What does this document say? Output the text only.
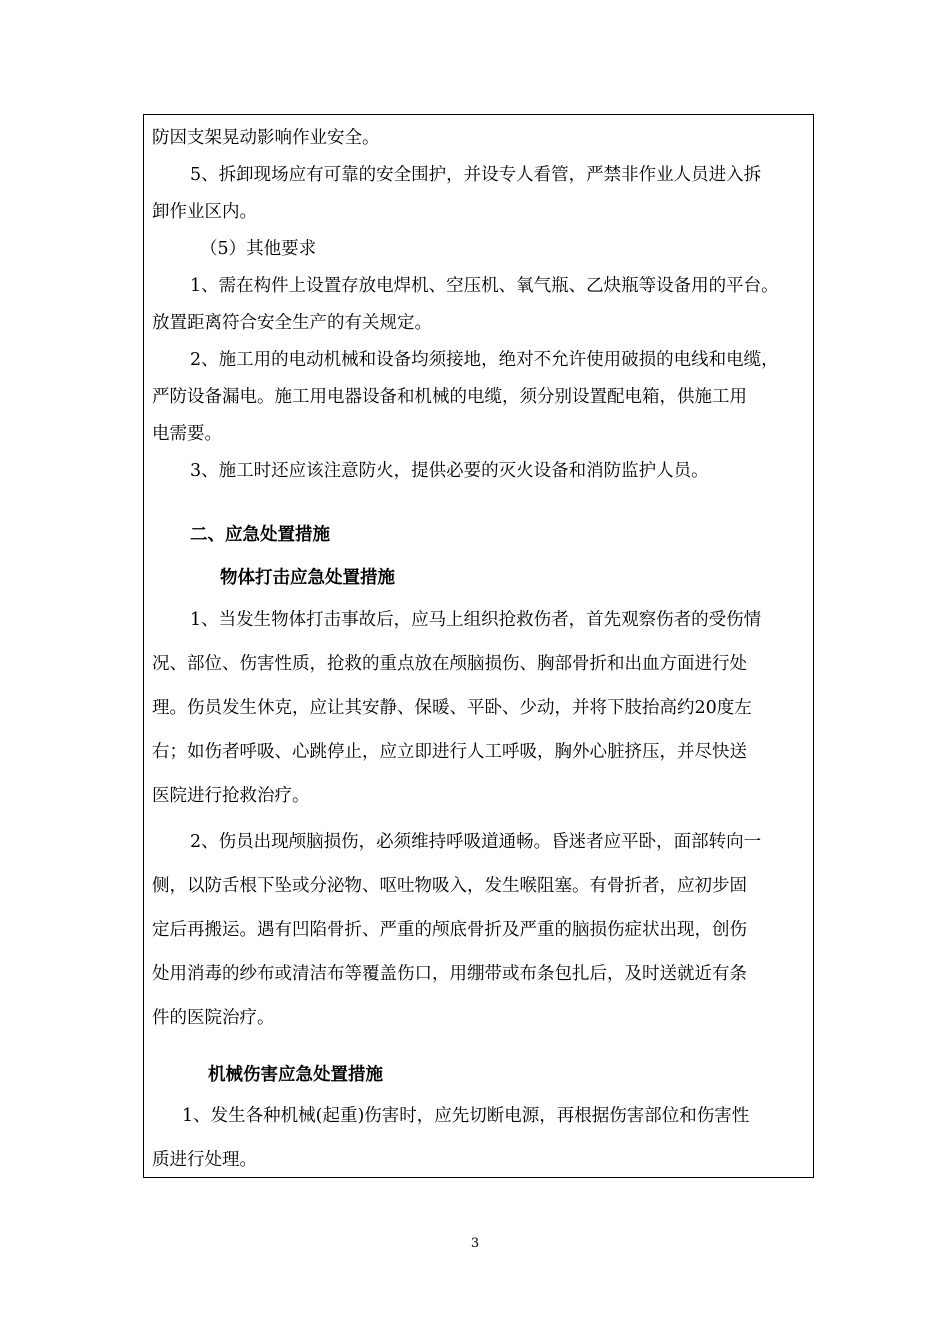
防因支架晃动影响作业安全。

5、拆卸现场应有可靠的安全围护，并设专人看管，严禁非作业人员进入拆

卸作业区内。

（5）其他要求

1、需在构件上设置存放电焊机、空压机、氧气瓶、乙炔瓶等设备用的平台。

放置距离符合安全生产的有关规定。

2、施工用的电动机械和设备均须接地，绝对不允许使用破损的电线和电缆，

严防设备漏电。施工用电器设备和机械的电缆，须分别设置配电箱，供施工用

电需要。

3、施工时还应该注意防火，提供必要的灭火设备和消防监护人员。

二、应急处置措施

物体打击应急处置措施

1、当发生物体打击事故后，应马上组织抢救伤者，首先观察伤者的受伤情

况、部位、伤害性质，抢救的重点放在颅脑损伤、胸部骨折和出血方面进行处

理。伤员发生休克，应让其安静、保暖、平卧、少动，并将下肢抬高约20度左

右；如伤者呼吸、心跳停止，应立即进行人工呼吸，胸外心脏挤压，并尽快送

医院进行抢救治疗。

2、伤员出现颅脑损伤，必须维持呼吸道通畅。昏迷者应平卧，面部转向一

侧，以防舌根下坠或分泌物、呕吐物吸入，发生喉阻塞。有骨折者，应初步固

定后再搬运。遇有凹陷骨折、严重的颅底骨折及严重的脑损伤症状出现，创伤

处用消毒的纱布或清洁布等覆盖伤口，用绷带或布条包扎后，及时送就近有条

件的医院治疗。

机械伤害应急处置措施

1、发生各种机械(起重)伤害时，应先切断电源，再根据伤害部位和伤害性

质进行处理。

3
